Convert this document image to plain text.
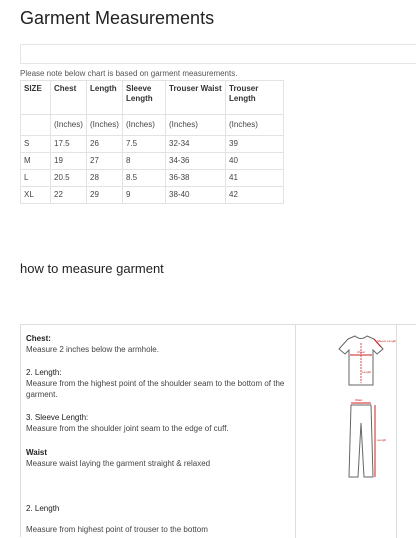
Garment Measurements
Please note below chart is based on garment measurements.
SIZE	Chest	Length	Sleeve Length	Trouser Waist	Trouser Length
	(Inches)	(Inches)	(Inches)	(Inches)	(Inches)
S	17.5	26	7.5	32-34	39
M	19	27	8	34-36	40
L	20.5	28	8.5	36-38	41
XL	22	29	9	38-40	42
how to measure garment
Chest:
Measure 2 inches below the armhole.
2. Length:
Measure from the highest point of the shoulder seam to the bottom of the garment.
3. Sleeve Length:
Measure from the shoulder joint seam to the edge of cuff.
Waist
Measure waist laying the garment straight & relaxed
2. Length
Measure from highest point of trouser to the bottom
Chest
Length
Sleeve Length
Waist
Length
